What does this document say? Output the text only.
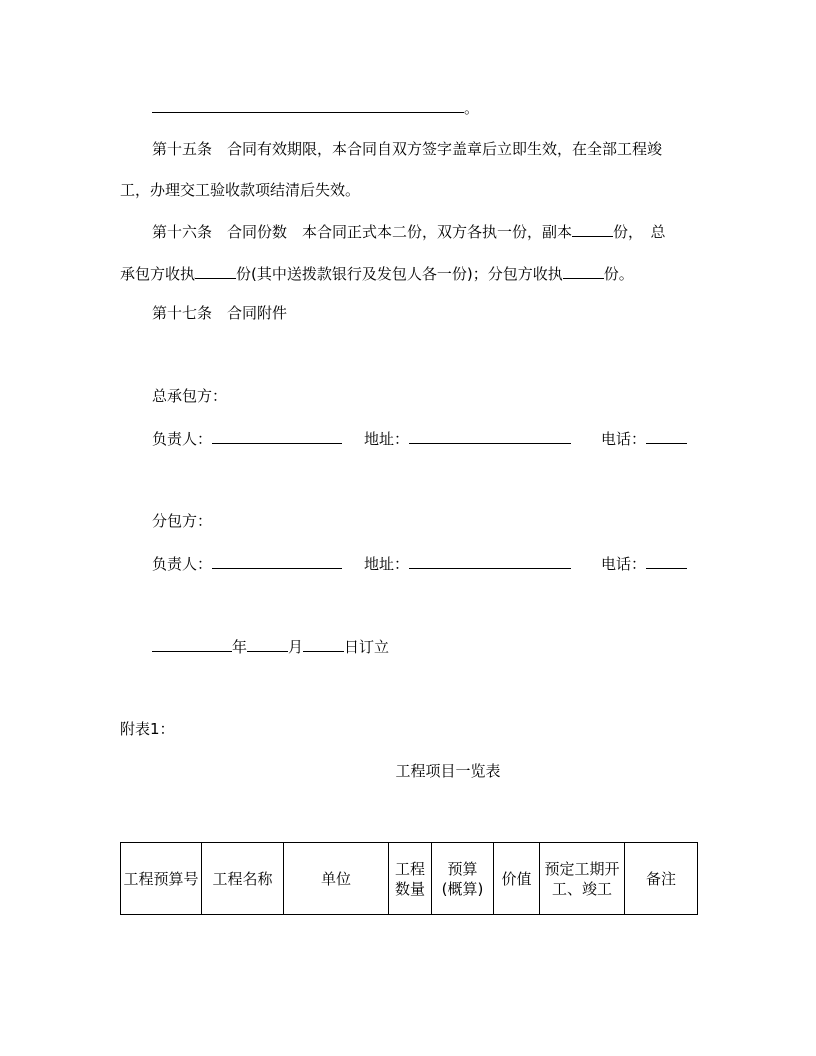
。
第十五条　合同有效期限，本合同自双方签字盖章后立即生效，在全部工程竣
工，办理交工验收款项结清后失效。
第十六条　合同份数　本合同正式本二份，双方各执一份，副本	份，　总
承包方收执	份(其中送拨款银行及发包人各一份)；分包方收执	份。
第十七条　合同附件
总承包方：
负责人：	地址：	电话：
分包方：
负责人：	地址：	电话：
年	月	日订立
附表1：
工程项目一览表
工程预算号	工程名称	单位	工程数量	预算(概算)	价值	预定工期开工、竣工	备注
